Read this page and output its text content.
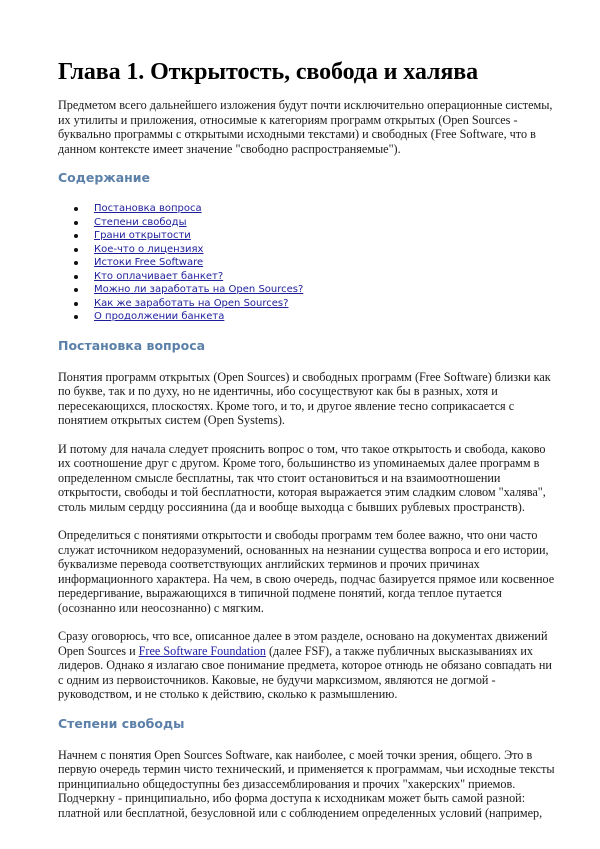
Глава 1. Открытость, свобода и халява

Предметом всего дальнейшего изложения будут почти исключительно операционные системы, их утилиты и приложения, относимые к категориям программ открытых (Open Sources - буквально программы с открытыми исходными текстами) и свободных (Free Software, что в данном контексте имеет значение "свободно распространяемые").

Содержание
Постановка вопроса
Степени свободы
Грани открытости
Кое-что о лицензиях
Истоки Free Software
Кто оплачивает банкет?
Можно ли заработать на Open Sources?
Как же заработать на Open Sources?
О продолжении банкета
Постановка вопроса

Понятия программ открытых (Open Sources) и свободных программ (Free Software) близки как по букве, так и по духу, но не идентичны, ибо сосуществуют как бы в разных, хотя и пересекающихся, плоскостях. Кроме того, и то, и другое явление тесно соприкасается с понятием открытых систем (Open Systems).

И потому для начала следует прояснить вопрос о том, что такое открытость и свобода, каково их соотношение друг с другом. Кроме того, большинство из упоминаемых далее программ в определенном смысле бесплатны, так что стоит остановиться и на взаимоотношении открытости, свободы и той бесплатности, которая выражается этим сладким словом "халява", столь милым сердцу россиянина (да и вообще выходца с бывших рублевых пространств).

Определиться с понятиями открытости и свободы программ тем более важно, что они часто служат источником недоразумений, основанных на незнании существа вопроса и его истории, буквализме перевода соответствующих английских терминов и прочих причинах информационного характера. На чем, в свою очередь, подчас базируется прямое или косвенное передергивание, выражающихся в типичной подмене понятий, когда теплое путается (осознанно или неосознанно) с мягким.

Сразу оговорюсь, что все, описанное далее в этом разделе, основано на документах движений Open Sources и Free Software Foundation (далее FSF), а также публичных высказываниях их лидеров. Однако я излагаю свое понимание предмета, которое отнюдь не обязано совпадать ни с одним из первоисточников. Каковые, не будучи марксизмом, являются не догмой - руководством, и не столько к действию, сколько к размышлению.

Степени свободы

Начнем с понятия Open Sources Software, как наиболее, с моей точки зрения, общего. Это в первую очередь термин чисто технический, и применяется к программам, чьи исходные тексты принципиально общедоступны без дизассемблирования и прочих "хакерских" приемов. Подчеркну - принципиально, ибо форма доступа к исходникам может быть самой разной: платной или бесплатной, безусловной или с соблюдением определенных условий (например,
